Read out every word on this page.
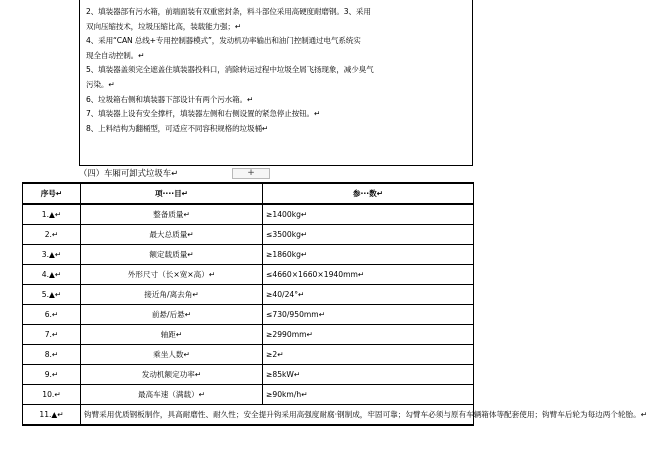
2、填装器部有污水箱，前端面装有双重密封条，料斗部位采用高硬度耐磨钢。3、采用
双向压缩技术，垃圾压缩比高，装载能力强；↵
4、采用“CAN 总线+专用控制器模式”，发动机功率输出和油门控制通过电气系统实
现全自动控制。↵
5、填装器盖须完全遮盖住填装器投料口，消除转运过程中垃圾全屑飞扬现象，减少臭气
污染。↵
6、垃圾箱右侧和填装器下部设计有两个污水箱。↵
7、填装器上设有安全撑杆，填装器左侧和右侧设置的紧急停止按钮。↵
8、上料结构为翻桶型，可适应不同容积规格的垃圾桶↵
（四）车厢可卸式垃圾车↵	+
序号↵	项····目↵	参···数↵
1.▲↵	整备质量↵	≥1400kg↵
2.↵	最大总质量↵	≤3500kg↵
3.▲↵	额定载质量↵	≥1860kg↵
4.▲↵	外形尺寸（长×宽×高）↵	≤4660×1660×1940mm↵
5.▲↵	接近角/离去角↵	≥40/24°↵
6.↵	前悬/后悬↵	≤730/950mm↵
7.↵	轴距↵	≥2990mm↵
8.↵	乘坐人数↵	≥2↵
9.↵	发动机额定功率↵	≥85kW↵
10.↵	最高车速（满载）↵	≥90km/h↵
11.▲↵	钩臂采用优质钢板制作，具高耐磨性、耐久性；安全提升钩采用高强度耐腐·钢制成，牢固可靠；勾臂车必须与原有车辆箱体等配套使用；钩臂车后轮为每边两个轮胎。↵	
